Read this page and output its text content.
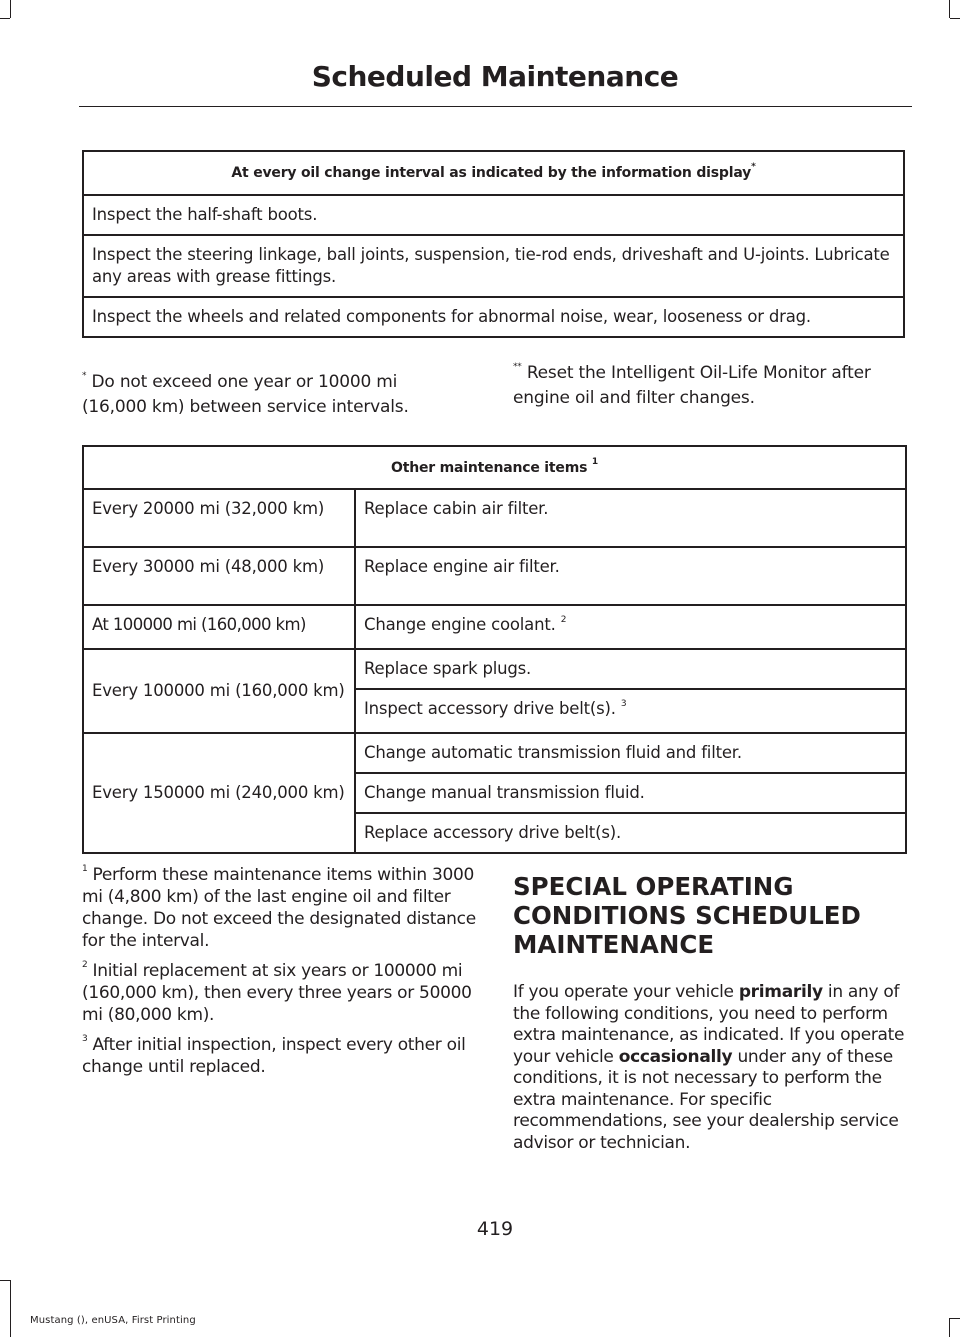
Scheduled Maintenance
At every oil change interval as indicated by the information display*
Inspect the half-shaft boots.
Inspect the steering linkage, ball joints, suspension, tie-rod ends, driveshaft and U-joints. Lubricate any areas with grease fittings.
Inspect the wheels and related components for abnormal noise, wear, looseness or drag.

* Do not exceed one year or 10000 mi (16,000 km) between service intervals.

** Reset the Intelligent Oil-Life Monitor after engine oil and filter changes.

Other maintenance items $^1$
Every 20000 mi (32,000 km)	Replace cabin air filter.
Every 30000 mi (48,000 km)	Replace engine air filter.
At 100000 mi (160,000 km)	Change engine coolant. $^2$
Every 100000 mi (160,000 km)	Replace spark plugs.
	Inspect accessory drive belt(s). $^3$
Every 150000 mi (240,000 km)	Change automatic transmission fluid and filter.
	Change manual transmission fluid.
	Replace accessory drive belt(s).

$^1$ Perform these maintenance items within 3000 mi (4,800 km) of the last engine oil and filter change. Do not exceed the designated distance for the interval.

$^2$ Initial replacement at six years or 100000 mi (160,000 km), then every three years or 50000 mi (80,000 km).

$^3$ After initial inspection, inspect every other oil change until replaced.

SPECIAL OPERATING CONDITIONS SCHEDULED MAINTENANCE
If you operate your vehicle primarily in any of the following conditions, you need to perform extra maintenance, as indicated. If you operate your vehicle occasionally under any of these conditions, it is not necessary to perform the extra maintenance. For specific recommendations, see your dealership service advisor or technician.
419
Mustang (), enUSA, First Printing
